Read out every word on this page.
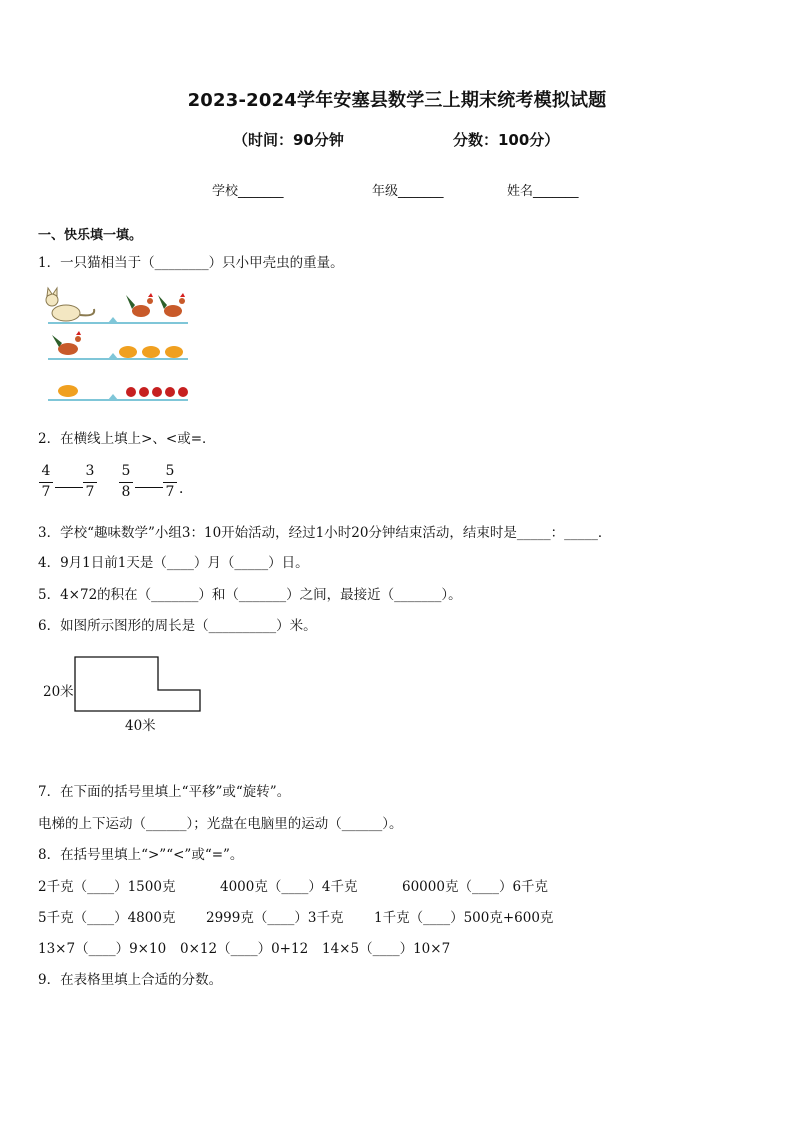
2023-2024学年安塞县数学三上期末统考模拟试题
（时间：90分钟	分数：100分）
学校_______	年级_______	姓名_______
一、快乐填一填。
1．一只猫相当于（________）只小甲壳虫的重量。
2．在横线上填上>、<或=．
4
7
3
7
5
8
5
7 ．
3．学校“趣味数学”小组3：10开始活动，经过1小时20分钟结束活动，结束时是_____：_____．
4．9月1日前1天是（____）月（_____）日。
5．4×72的积在（_______）和（_______）之间，最接近（_______）。
6．如图所示图形的周长是（__________）米。
20米
40米
7．在下面的括号里填上“平移”或“旋转”。
电梯的上下运动（______）；光盘在电脑里的运动（______）。
8．在括号里填上“>”“<”或“=”。
2千克（____）1500克	4000克（____）4千克	60000克（____）6千克
5千克（____）4800克 2999克（____）3千克 1千克（____）500克+600克
13×7（____）9×10 0×12（____）0+12 14×5（____）10×7
9．在表格里填上合适的分数。
